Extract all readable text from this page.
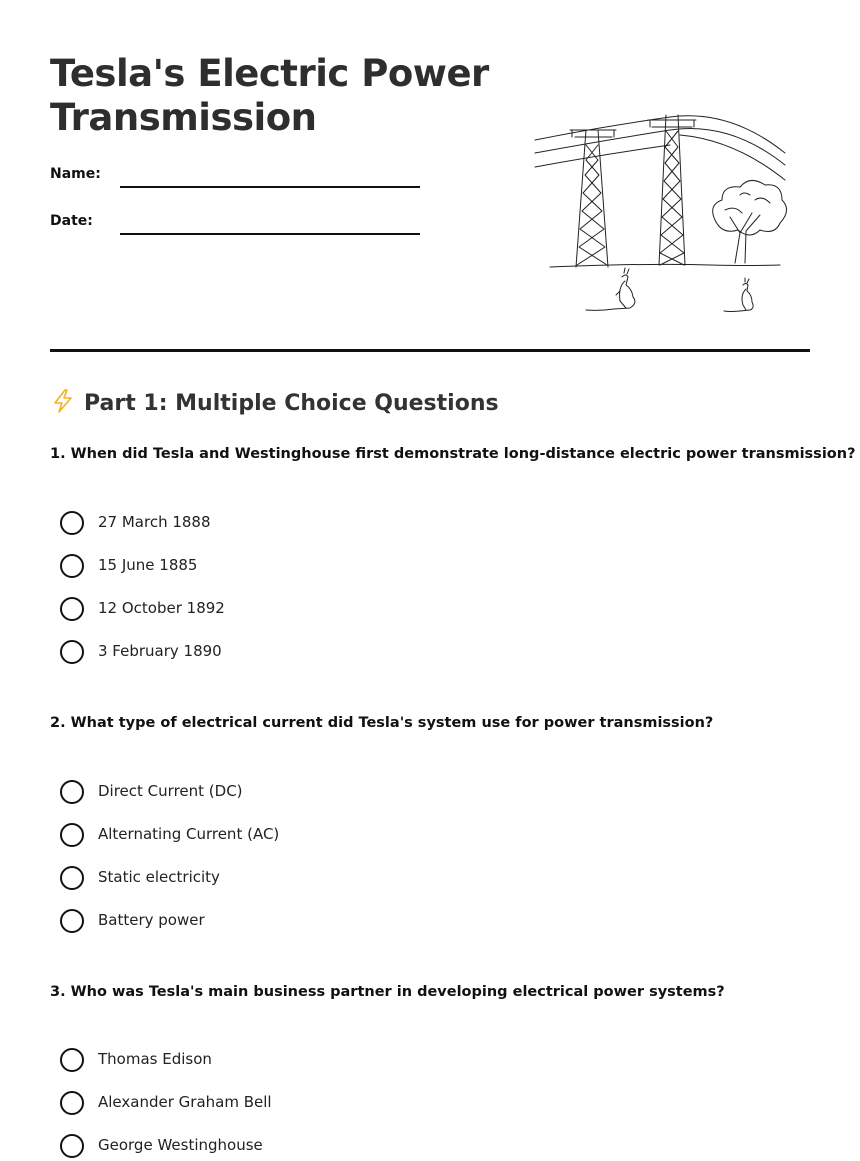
Tesla's Electric Power Transmission
Name:
Date:
Part 1: Multiple Choice Questions
1. When did Tesla and Westinghouse first demonstrate long-distance electric power transmission?
27 March 1888
15 June 1885
12 October 1892
3 February 1890
2. What type of electrical current did Tesla's system use for power transmission?
Direct Current (DC)
Alternating Current (AC)
Static electricity
Battery power
3. Who was Tesla's main business partner in developing electrical power systems?
Thomas Edison
Alexander Graham Bell
George Westinghouse
